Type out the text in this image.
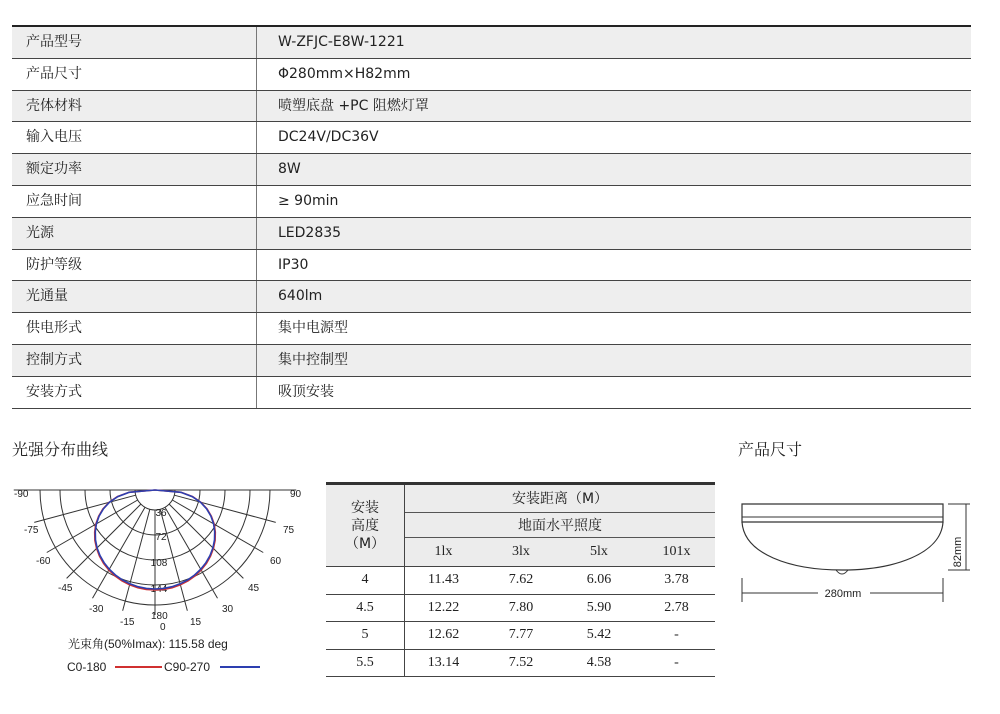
产品型号	W-ZFJC-E8W-1221
产品尺寸	Φ280mm×H82mm
壳体材料	喷塑底盘 +PC 阻燃灯罩
输入电压	DC24V/DC36V
额定功率	8W
应急时间	≥ 90min
光源	LED2835
防护等级	IP30
光通量	640lm
供电形式	集中电源型
控制方式	集中控制型
安装方式	吸顶安装
光强分布曲线	产品尺寸
-90
-75
-60
-45
-30
-15
90
75
60
45
30
15
0
180
36
72
108
144
光束角(50%Imax): 115.58 deg
C0-180	C90-270
安装
高度
（M）
安装距离（M）
地面水平照度
1lx	3lx	5lx	101x
4	11.43	7.62	6.06	3.78
4.5	12.22	7.80	5.90	2.78
5	12.62	7.77	5.42	-
5.5	13.14	7.52	4.58	-
82mm
280mm
